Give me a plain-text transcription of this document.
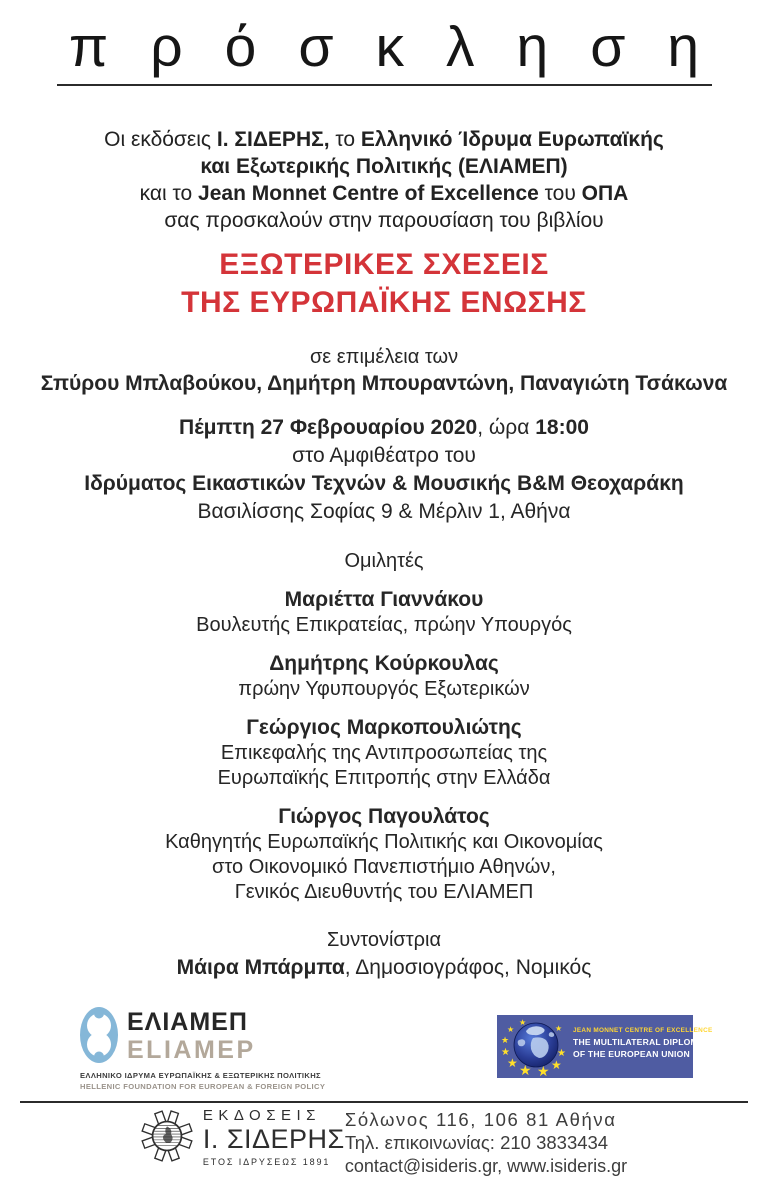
πρόσκληση
Οι εκδόσεις Ι. ΣΙΔΕΡΗΣ, το Ελληνικό Ίδρυμα Ευρωπαϊκής
και Εξωτερικής Πολιτικής (ΕΛΙΑΜΕΠ)
και το Jean Monnet Centre of Excellence του ΟΠΑ
σας προσκαλούν στην παρουσίαση του βιβλίου
ΕΞΩΤΕΡΙΚΕΣ ΣΧΕΣΕΙΣ
ΤΗΣ ΕΥΡΩΠΑΪΚΗΣ ΕΝΩΣΗΣ
σε επιμέλεια των
Σπύρου Μπλαβούκου, Δημήτρη Μπουραντώνη, Παναγιώτη Τσάκωνα
Πέμπτη 27 Φεβρουαρίου 2020, ώρα 18:00
στο Αμφιθέατρο του
Ιδρύματος Εικαστικών Τεχνών & Μουσικής Β&Μ Θεοχαράκη
Βασιλίσσης Σοφίας 9 & Μέρλιν 1, Αθήνα
Ομιλητές
Μαριέττα Γιαννάκου
Βουλευτής Επικρατείας, πρώην Υπουργός
Δημήτρης Κούρκουλας
πρώην Υφυπουργός Εξωτερικών
Γεώργιος Μαρκοπουλιώτης
Επικεφαλής της Αντιπροσωπείας της
Ευρωπαϊκής Επιτροπής στην Ελλάδα
Γιώργος Παγουλάτος
Καθηγητής Ευρωπαϊκής Πολιτικής και Οικονομίας
στο Οικονομικό Πανεπιστήμιο Αθηνών,
Γενικός Διευθυντής του ΕΛΙΑΜΕΠ
Συντονίστρια
Μάιρα Μπάρμπα, Δημοσιογράφος, Νομικός
ΕΛΙΑΜΕΠ
ELIAMEP
ΕΛΛΗΝΙΚΟ ΙΔΡΥΜΑ ΕΥΡΩΠΑΪΚΗΣ & ΕΞΩΤΕΡΙΚΗΣ ΠΟΛΙΤΙΚΗΣ
HELLENIC FOUNDATION FOR EUROPEAN & FOREIGN POLICY
★
★
★
★
★ ★ ★ ★
★
★ JEAN MONNET CENTRE OF EXCELLENCE
THE MULTILATERAL DIPLOMACY
OF THE EUROPEAN UNION
ΕΚΔΟΣΕΙΣ
Ι. ΣΙΔΕΡΗΣ
ΕΤΟΣ ΙΔΡΥΣΕΩΣ 1891
Σόλωνος 116, 106 81 Αθήνα
Τηλ. επικοινωνίας: 210 3833434
contact@isideris.gr, www.isideris.gr
